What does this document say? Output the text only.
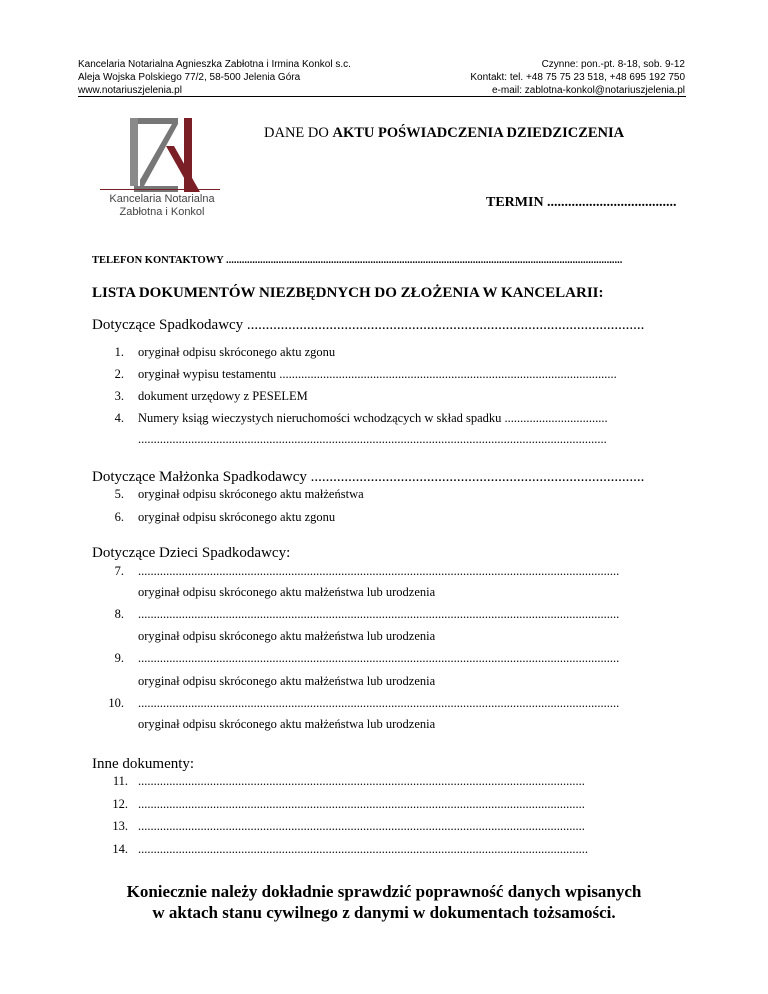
Kancelaria Notarialna Agnieszka Zabłotna i Irmina Konkol s.c.
Aleja Wojska Polskiego 77/2, 58-500 Jelenia Góra
www.notariuszjelenia.pl
Czynne: pon.-pt. 8-18, sob. 9-12
Kontakt: tel. +48 75 75 23 518, +48 695 192 750
e-mail: zablotna-konkol@notariuszjelenia.pl
Kancelaria Notarialna
Zabłotna i Konkol
DANE DO AKTU POŚWIADCZENIA DZIEDZICZENIA
TERMIN .....................................
TELEFON KONTAKTOWY .......................................................................................................................................................
LISTA DOKUMENTÓW NIEZBĘDNYCH DO ZŁOŻENIA W KANCELARII:
Dotyczące Spadkodawcy ..........................................................................................................
1. oryginał odpisu skróconego aktu zgonu
2. oryginał wypisu testamentu ............................................................................................................
3. dokument urzędowy z PESELEM
4. Numery ksiąg wieczystych nieruchomości wchodzących w skład spadku .................................
......................................................................................................................................................
Dotyczące Małżonka Spadkodawcy .........................................................................................
5. oryginał odpisu skróconego aktu małżeństwa
6. oryginał odpisu skróconego aktu zgonu
Dotyczące Dzieci Spadkodawcy:
7. ..........................................................................................................................................................
oryginał odpisu skróconego aktu małżeństwa lub urodzenia
8. ..........................................................................................................................................................
oryginał odpisu skróconego aktu małżeństwa lub urodzenia
9. ..........................................................................................................................................................
oryginał odpisu skróconego aktu małżeństwa lub urodzenia
10. ..........................................................................................................................................................
oryginał odpisu skróconego aktu małżeństwa lub urodzenia
Inne dokumenty:
11. ...............................................................................................................................................
12. ...............................................................................................................................................
13. ...............................................................................................................................................
14. ................................................................................................................................................
Koniecznie należy dokładnie sprawdzić poprawność danych wpisanych
w aktach stanu cywilnego z danymi w dokumentach tożsamości.
